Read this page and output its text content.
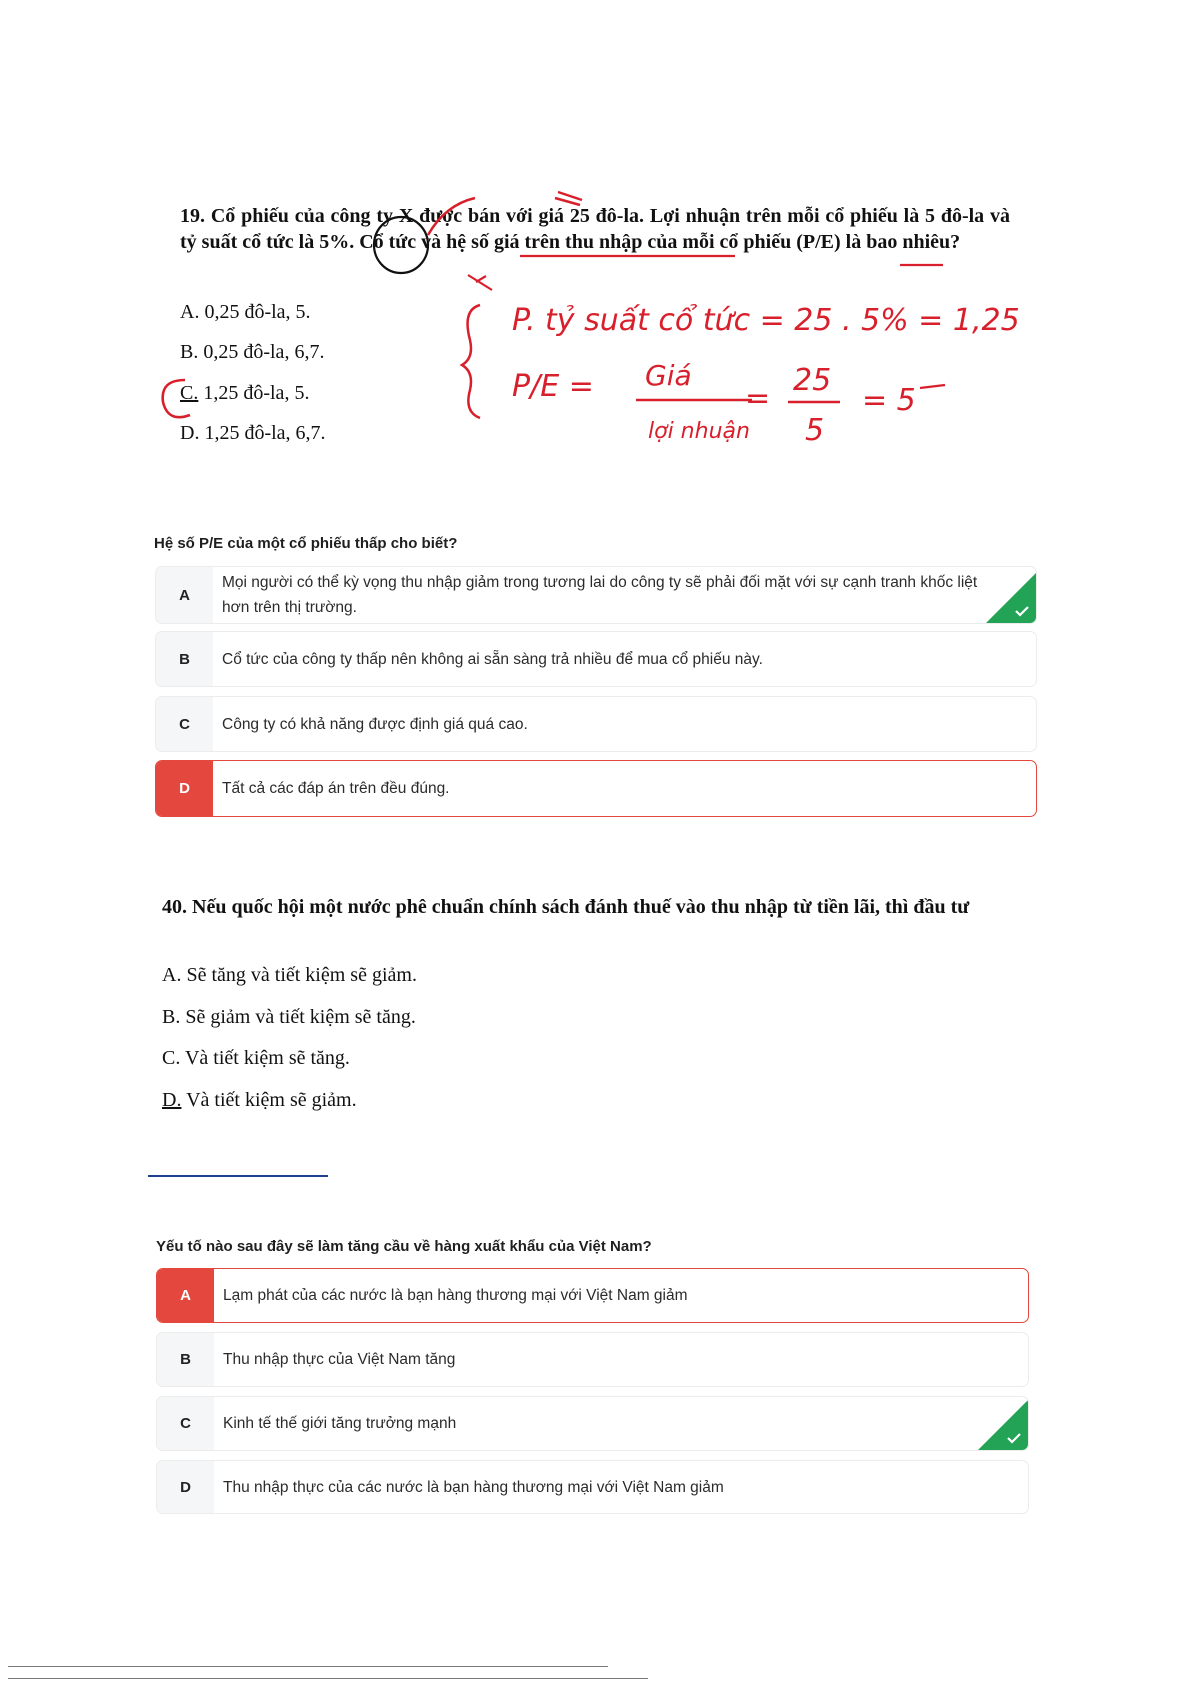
19. Cổ phiếu của công ty X được bán với giá 25 đô-la. Lợi nhuận trên mỗi cổ phiếu là 5 đô-la và tỷ suất cổ tức là 5%. Cổ tức và hệ số giá trên thu nhập của mỗi cổ phiếu (P/E) là bao nhiêu?

A. 0,25 đô-la, 5.
B. 0,25 đô-la, 6,7.
C. 1,25 đô-la, 5.
D. 1,25 đô-la, 6,7.
P. tỷ suất cổ tức = 25 . 5% = 1,25
P/E = Giá
lợi nhuận
=
25
5
= 5
Hệ số P/E của một cổ phiếu thấp cho biết?
A
Mọi người có thể kỳ vọng thu nhập giảm trong tương lai do công ty sẽ phải đối mặt với sự cạnh tranh khốc liệt hơn trên thị trường.
B	Cổ tức của công ty thấp nên không ai sẵn sàng trả nhiều để mua cổ phiếu này.
C	Công ty có khả năng được định giá quá cao.
D	Tất cả các đáp án trên đều đúng.

40. Nếu quốc hội một nước phê chuẩn chính sách đánh thuế vào thu nhập từ tiền lãi, thì đầu tư

A. Sẽ tăng và tiết kiệm sẽ giảm.
B. Sẽ giảm và tiết kiệm sẽ tăng.
C. Và tiết kiệm sẽ tăng.
D. Và tiết kiệm sẽ giảm.
Yếu tố nào sau đây sẽ làm tăng cầu về hàng xuất khẩu của Việt Nam?
A	Lạm phát của các nước là bạn hàng thương mại với Việt Nam giảm
B	Thu nhập thực của Việt Nam tăng
C	Kinh tế thế giới tăng trưởng mạnh
D	Thu nhập thực của các nước là bạn hàng thương mại với Việt Nam giảm
